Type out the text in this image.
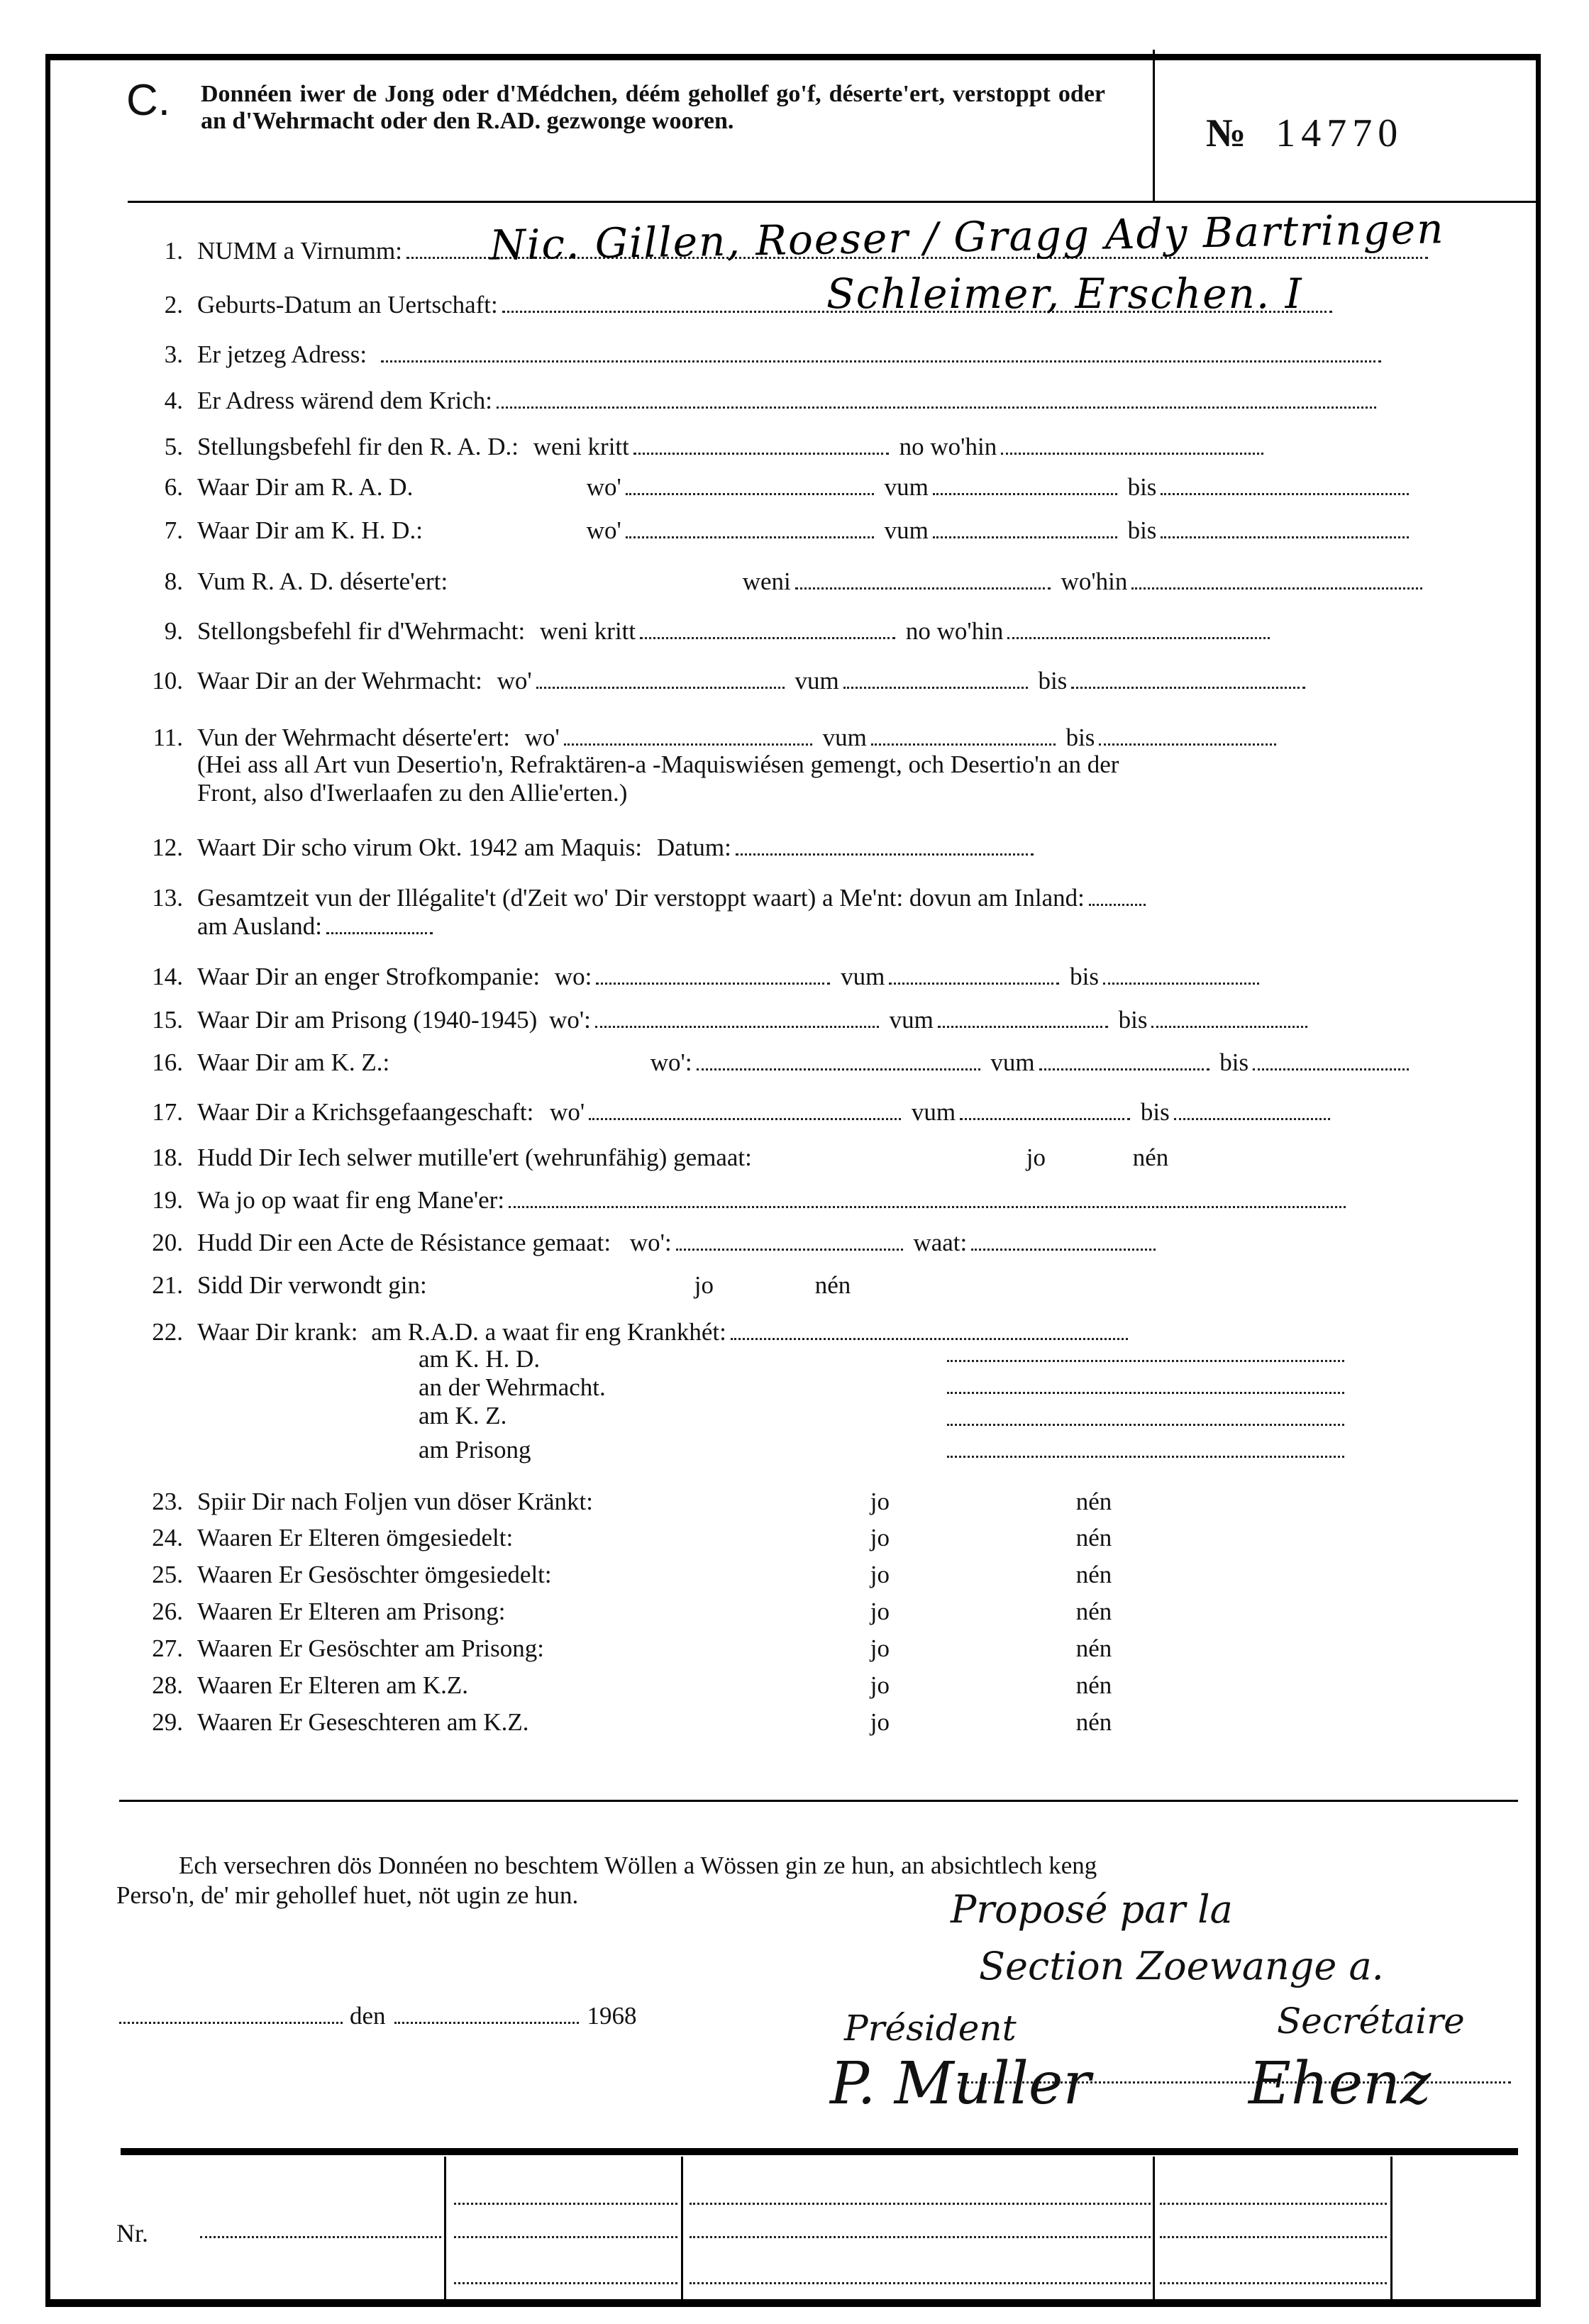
C. Donnéen iwer de Jong oder d'Médchen, déém gehollef go'f, déserte'ert, verstoppt oder an d'Wehrmacht oder den R.AD. gezwonge wooren.	№ 14770
1. NUMM a Virnumm:	Nic. Gillen, Roeser / Gragg Ady Bartringen
2. Geburts-Datum an Uertschaft:	Schleimer, Erschen. I
3. Er jetzeg Adress:
4. Er Adress wärend dem Krich:
5. Stellungsbefehl fir den R. A. D.: weni kritt	no wo'hin
6. Waar Dir am R. A. D.	wo'	vum	bis
7. Waar Dir am K. H. D.:	wo'	vum	bis
8. Vum R. A. D. déserte'ert:	weni	wo'hin
9. Stellongsbefehl fir d'Wehrmacht: weni kritt	no wo'hin
10. Waar Dir an der Wehrmacht: wo'	vum	bis
11. Vun der Wehrmacht déserte'ert: wo'	vum	bis
(Hei ass all Art vun Desertio'n, Refraktären-a -Maquiswiésen gemengt, och Desertio'n an der
Front, also d'Iwerlaafen zu den Allie'erten.)
12. Waart Dir scho virum Okt. 1942 am Maquis: Datum:
13. Gesamtzeit vun der Illégalite't (d'Zeit wo' Dir verstoppt waart) a Me'nt: dovun am Inland:
am Ausland:
14. Waar Dir an enger Strofkompanie: wo:	vum	bis
15. Waar Dir am Prisong (1940-1945) wo':	vum	bis
16. Waar Dir am K. Z.:	wo':	vum	bis
17. Waar Dir a Krichsgefaangeschaft: wo'	vum	bis
18. Hudd Dir Iech selwer mutille'ert (wehrunfähig) gemaat:	jo	nén
19. Wa jo op waat fir eng Mane'er:
20. Hudd Dir een Acte de Résistance gemaat: wo':	waat:
21. Sidd Dir verwondt gin:	jo	nén
22. Waar Dir krank: am R.A.D. a waat fir eng Krankhét:
am K. H. D.
an der Wehrmacht.
am K. Z.
am Prisong
23. Spiir Dir nach Foljen vun döser Kränkt:	jo	nén
24. Waaren Er Elteren ömgesiedelt:	jo	nén
25. Waaren Er Gesöschter ömgesiedelt:	jo	nén
26. Waaren Er Elteren am Prisong:	jo	nén
27. Waaren Er Gesöschter am Prisong:	jo	nén
28. Waaren Er Elteren am K.Z.	jo	nén
29. Waaren Er Geseschteren am K.Z.	jo	nén
Ech versechren dös Donnéen no beschtem Wöllen a Wössen gin ze hun, an absichtlech keng
Perso'n, de' mir gehollef huet, nöt ugin ze hun.
den	1968
Proposé par la
Section Zoewange a.
Président	Secrétaire
P. Muller	Ehenz
Nr.
